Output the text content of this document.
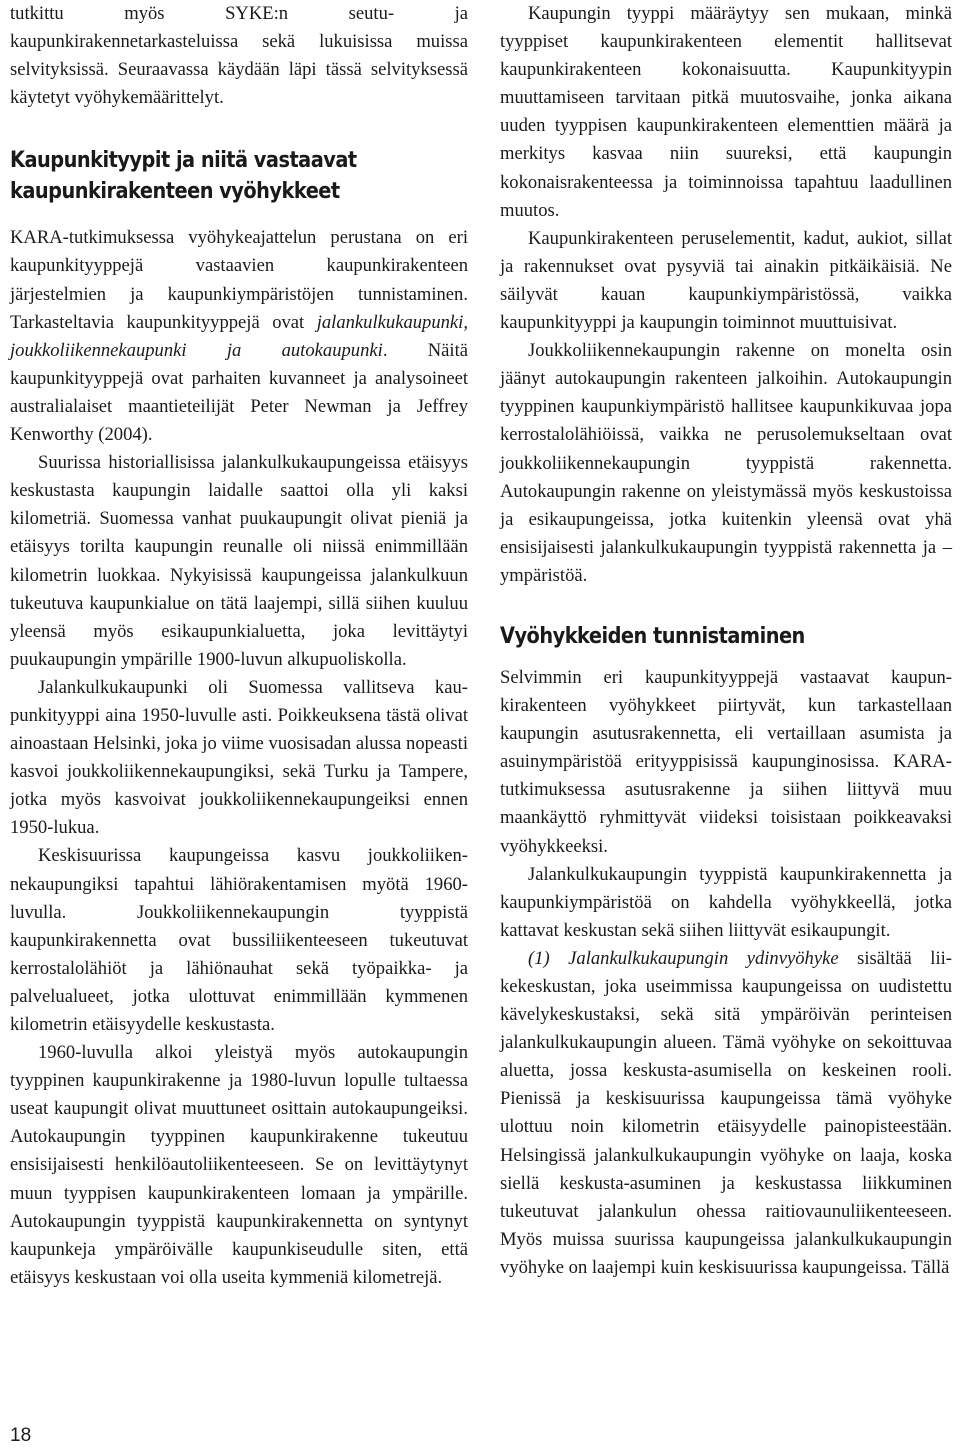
tutkittu myös SYKE:n seutu- ja kaupunkirakennetarkasteluissa sekä lukuisissa muissa selvityksissä. Seuraavassa käydään läpi tässä selvityksessä käytetyt vyöhykemäärittelyt.

Kaupunkityypit ja niitä vastaavat
kaupunkirakenteen vyöhykkeet

KARA-tutkimuksessa vyöhykeajattelun perustana on eri kaupunkityyppejä vastaavien kaupunkirakenteen järjestelmien ja kaupunkiympäristöjen tunnistaminen. Tarkasteltavia kaupunkityyppejä ovat jalankulkukaupunki, joukkoliikennekaupunki ja autokaupunki. Näitä kaupunkityyppejä ovat parhaiten kuvanneet ja analysoineet australialaiset maantieteilijät Peter Newman ja Jeffrey Kenworthy (2004).

Suurissa historiallisissa jalankulkukaupungeissa etäisyys keskustasta kaupungin laidalle saattoi olla yli kaksi kilometriä. Suomessa vanhat puukaupungit olivat pieniä ja etäisyys torilta kaupungin reunalle oli niissä enimmillään kilometrin luokkaa. Nykyisissä kaupungeissa jalankulkuun tukeutuva kaupunkialue on tätä laajempi, sillä siihen kuuluu yleensä myös esikaupunkialuetta, joka levittäytyi puukaupungin ympärille 1900-luvun alkupuoliskolla.

Jalankulkukaupunki oli Suomessa vallitseva kaupunkityyppi aina 1950-luvulle asti. Poikkeuksena tästä olivat ainoastaan Helsinki, joka jo viime vuosisadan alussa nopeasti kasvoi joukkoliikennekaupungiksi, sekä Turku ja Tampere, jotka myös kasvoivat joukkoliikennekaupungeiksi ennen 1950-lukua.

Keskisuurissa kaupungeissa kasvu joukkoliikennekaupungiksi tapahtui lähiörakentamisen myötä 1960-luvulla. Joukkoliikennekaupungin tyyppistä kaupunkirakennetta ovat bussiliikenteeseen tukeutuvat kerrostalolähiöt ja lähiönauhat sekä työpaikka- ja palvelualueet, jotka ulottuvat enimmillään kymmenen kilometrin etäisyydelle keskustasta.

1960-luvulla alkoi yleistyä myös autokaupungin tyyppinen kaupunkirakenne ja 1980-luvun lopulle tultaessa useat kaupungit olivat muuttuneet osittain autokaupungeiksi. Autokaupungin tyyppinen kaupunkirakenne tukeutuu ensisijaisesti henkilöautoliikenteeseen. Se on levittäytynyt muun tyyppisen kaupunkirakenteen lomaan ja ympärille. Autokaupungin tyyppistä kaupunkirakennetta on syntynyt kaupunkeja ympäröivälle kaupunkiseudulle siten, että etäisyys keskustaan voi olla useita kymmeniä kilometrejä.

Kaupungin tyyppi määräytyy sen mukaan, minkä tyyppiset kaupunkirakenteen elementit hallitsevat kaupunkirakenteen kokonaisuutta. Kaupunkityypin muuttamiseen tarvitaan pitkä muutosvaihe, jonka aikana uuden tyyppisen kaupunkirakenteen elementtien määrä ja merkitys kasvaa niin suureksi, että kaupungin kokonaisrakenteessa ja toiminnoissa tapahtuu laadullinen muutos.

Kaupunkirakenteen peruselementit, kadut, aukiot, sillat ja rakennukset ovat pysyviä tai ainakin pitkäikäisiä. Ne säilyvät kauan kaupunkiympäristössä, vaikka kaupunkityyppi ja kaupungin toiminnot muuttuisivat.

Joukkoliikennekaupungin rakenne on monelta osin jäänyt autokaupungin rakenteen jalkoihin. Autokaupungin tyyppinen kaupunkiympäristö hallitsee kaupunkikuvaa jopa kerrostalolähiöissä, vaikka ne perusolemukseltaan ovat joukkoliikennekaupungin tyyppistä rakennetta. Autokaupungin rakenne on yleistymässä myös keskustoissa ja esikaupungeissa, jotka kuitenkin yleensä ovat yhä ensisijaisesti jalankulkukaupungin tyyppistä rakennetta ja –ympäristöä.

Vyöhykkeiden tunnistaminen

Selvimmin eri kaupunkityyppejä vastaavat kaupunkirakenteen vyöhykkeet piirtyvät, kun tarkastellaan kaupungin asutusrakennetta, eli vertaillaan asumista ja asuinympäristöä erityyppisissä kaupunginosissa. KARA-tutkimuksessa asutusrakenne ja siihen liittyvä muu maankäyttö ryhmittyvät viideksi toisistaan poikkeavaksi vyöhykkeeksi.

Jalankulkukaupungin tyyppistä kaupunkirakennetta ja kaupunkiympäristöä on kahdella vyöhykkeellä, jotka kattavat keskustan sekä siihen liittyvät esikaupungit.

(1) Jalankulkukaupungin ydinvyöhyke sisältää liikekeskustan, joka useimmissa kaupungeissa on uudistettu kävelykeskustaksi, sekä sitä ympäröivän perinteisen jalankulkukaupungin alueen. Tämä vyöhyke on sekoittuvaa aluetta, jossa keskusta-asumisella on keskeinen rooli. Pienissä ja keskisuurissa kaupungeissa tämä vyöhyke ulottuu noin kilometrin etäisyydelle painopisteestään. Helsingissä jalankulkukaupungin vyöhyke on laaja, koska siellä keskusta-asuminen ja keskustassa liikkuminen tukeutuvat jalankulun ohessa raitiovaunuliikenteeseen. Myös muissa suurissa kaupungeissa jalankulkukaupungin vyöhyke on laajempi kuin keskisuurissa kaupungeissa. Tällä

18
